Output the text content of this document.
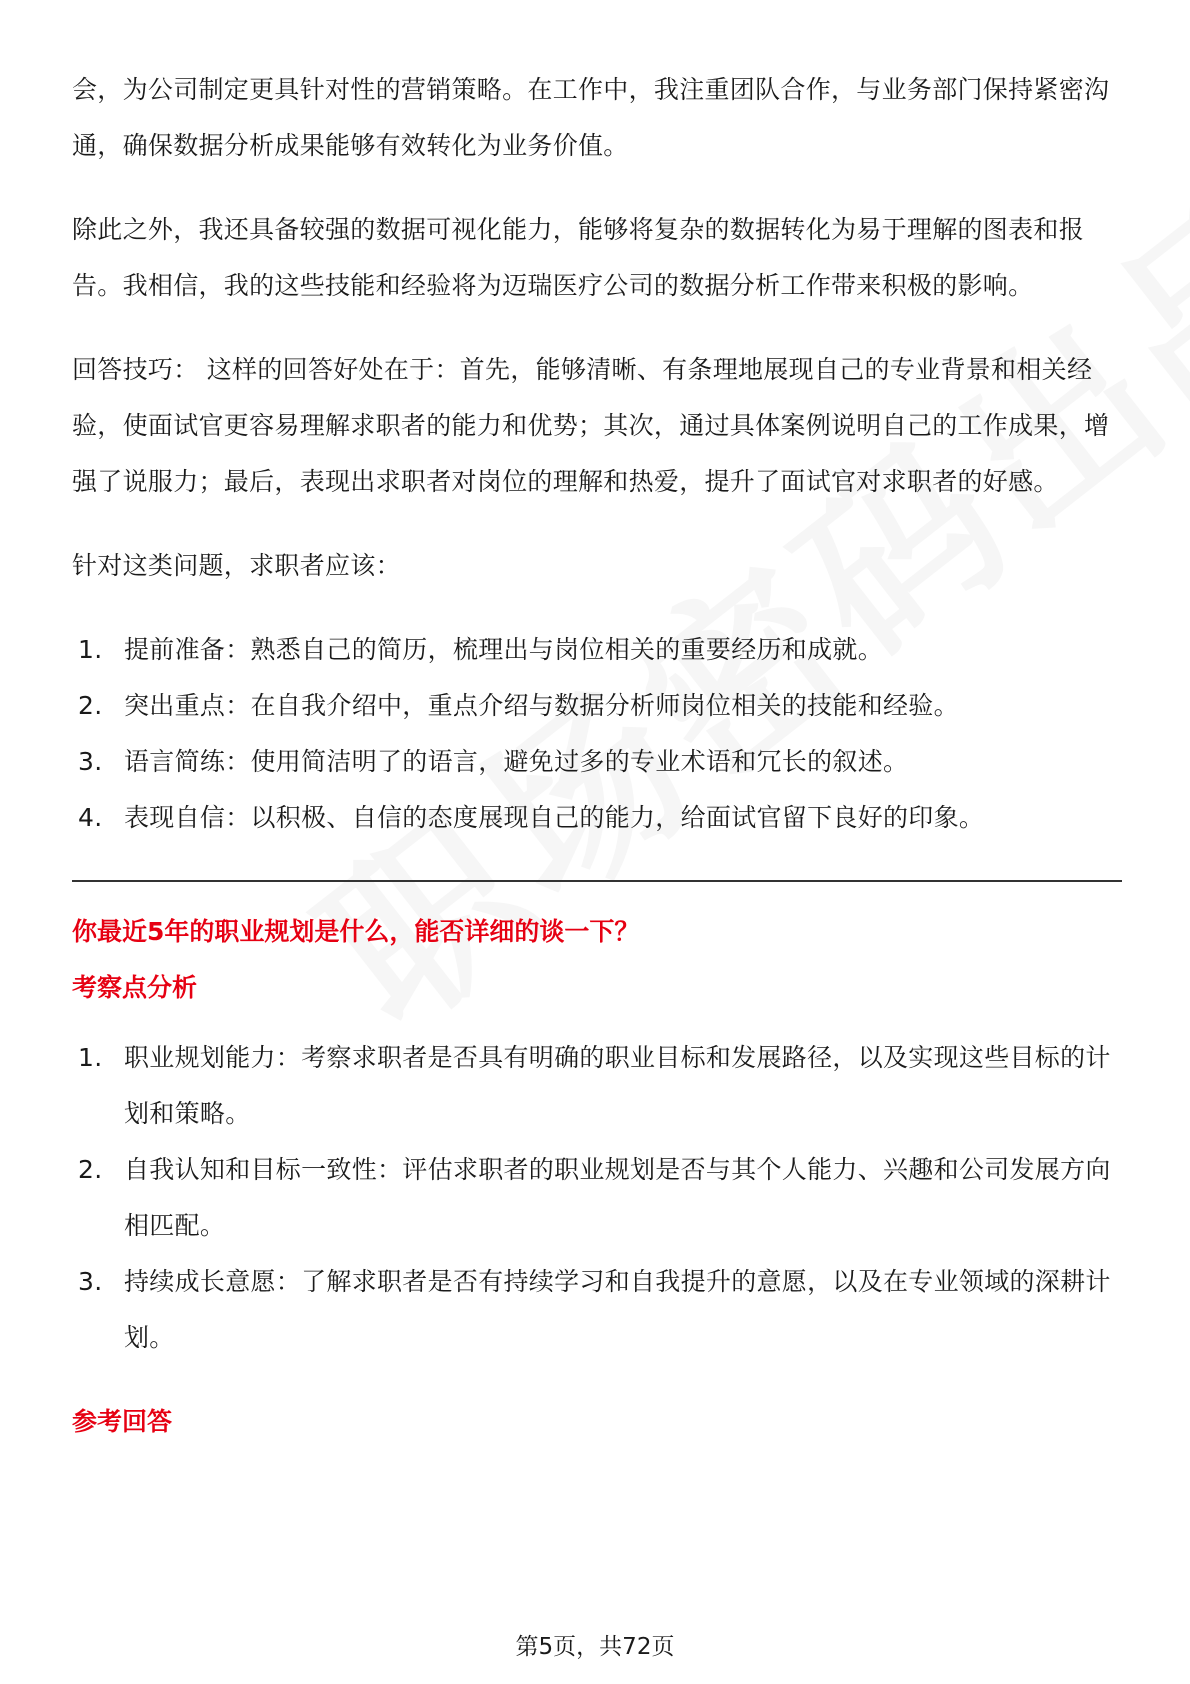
会，为公司制定更具针对性的营销策略。在工作中，我注重团队合作，与业务部门保持紧密沟通，确保数据分析成果能够有效转化为业务价值。

除此之外，我还具备较强的数据可视化能力，能够将复杂的数据转化为易于理解的图表和报告。我相信，我的这些技能和经验将为迈瑞医疗公司的数据分析工作带来积极的影响。

回答技巧： 这样的回答好处在于：首先，能够清晰、有条理地展现自己的专业背景和相关经验，使面试官更容易理解求职者的能力和优势；其次，通过具体案例说明自己的工作成果，增强了说服力；最后，表现出求职者对岗位的理解和热爱，提升了面试官对求职者的好感。

针对这类问题，求职者应该：

1. 提前准备：熟悉自己的简历，梳理出与岗位相关的重要经历和成就。
2. 突出重点：在自我介绍中，重点介绍与数据分析师岗位相关的技能和经验。
3. 语言简练：使用简洁明了的语言，避免过多的专业术语和冗长的叙述。
4. 表现自信：以积极、自信的态度展现自己的能力，给面试官留下良好的印象。
你最近5年的职业规划是什么，能否详细的谈一下？
考察点分析
1. 职业规划能力：考察求职者是否具有明确的职业目标和发展路径，以及实现这些目标的计划和策略。
2. 自我认知和目标一致性：评估求职者的职业规划是否与其个人能力、兴趣和公司发展方向相匹配。
3. 持续成长意愿：了解求职者是否有持续学习和自我提升的意愿，以及在专业领域的深耕计划。
参考回答
第5页，共72页
